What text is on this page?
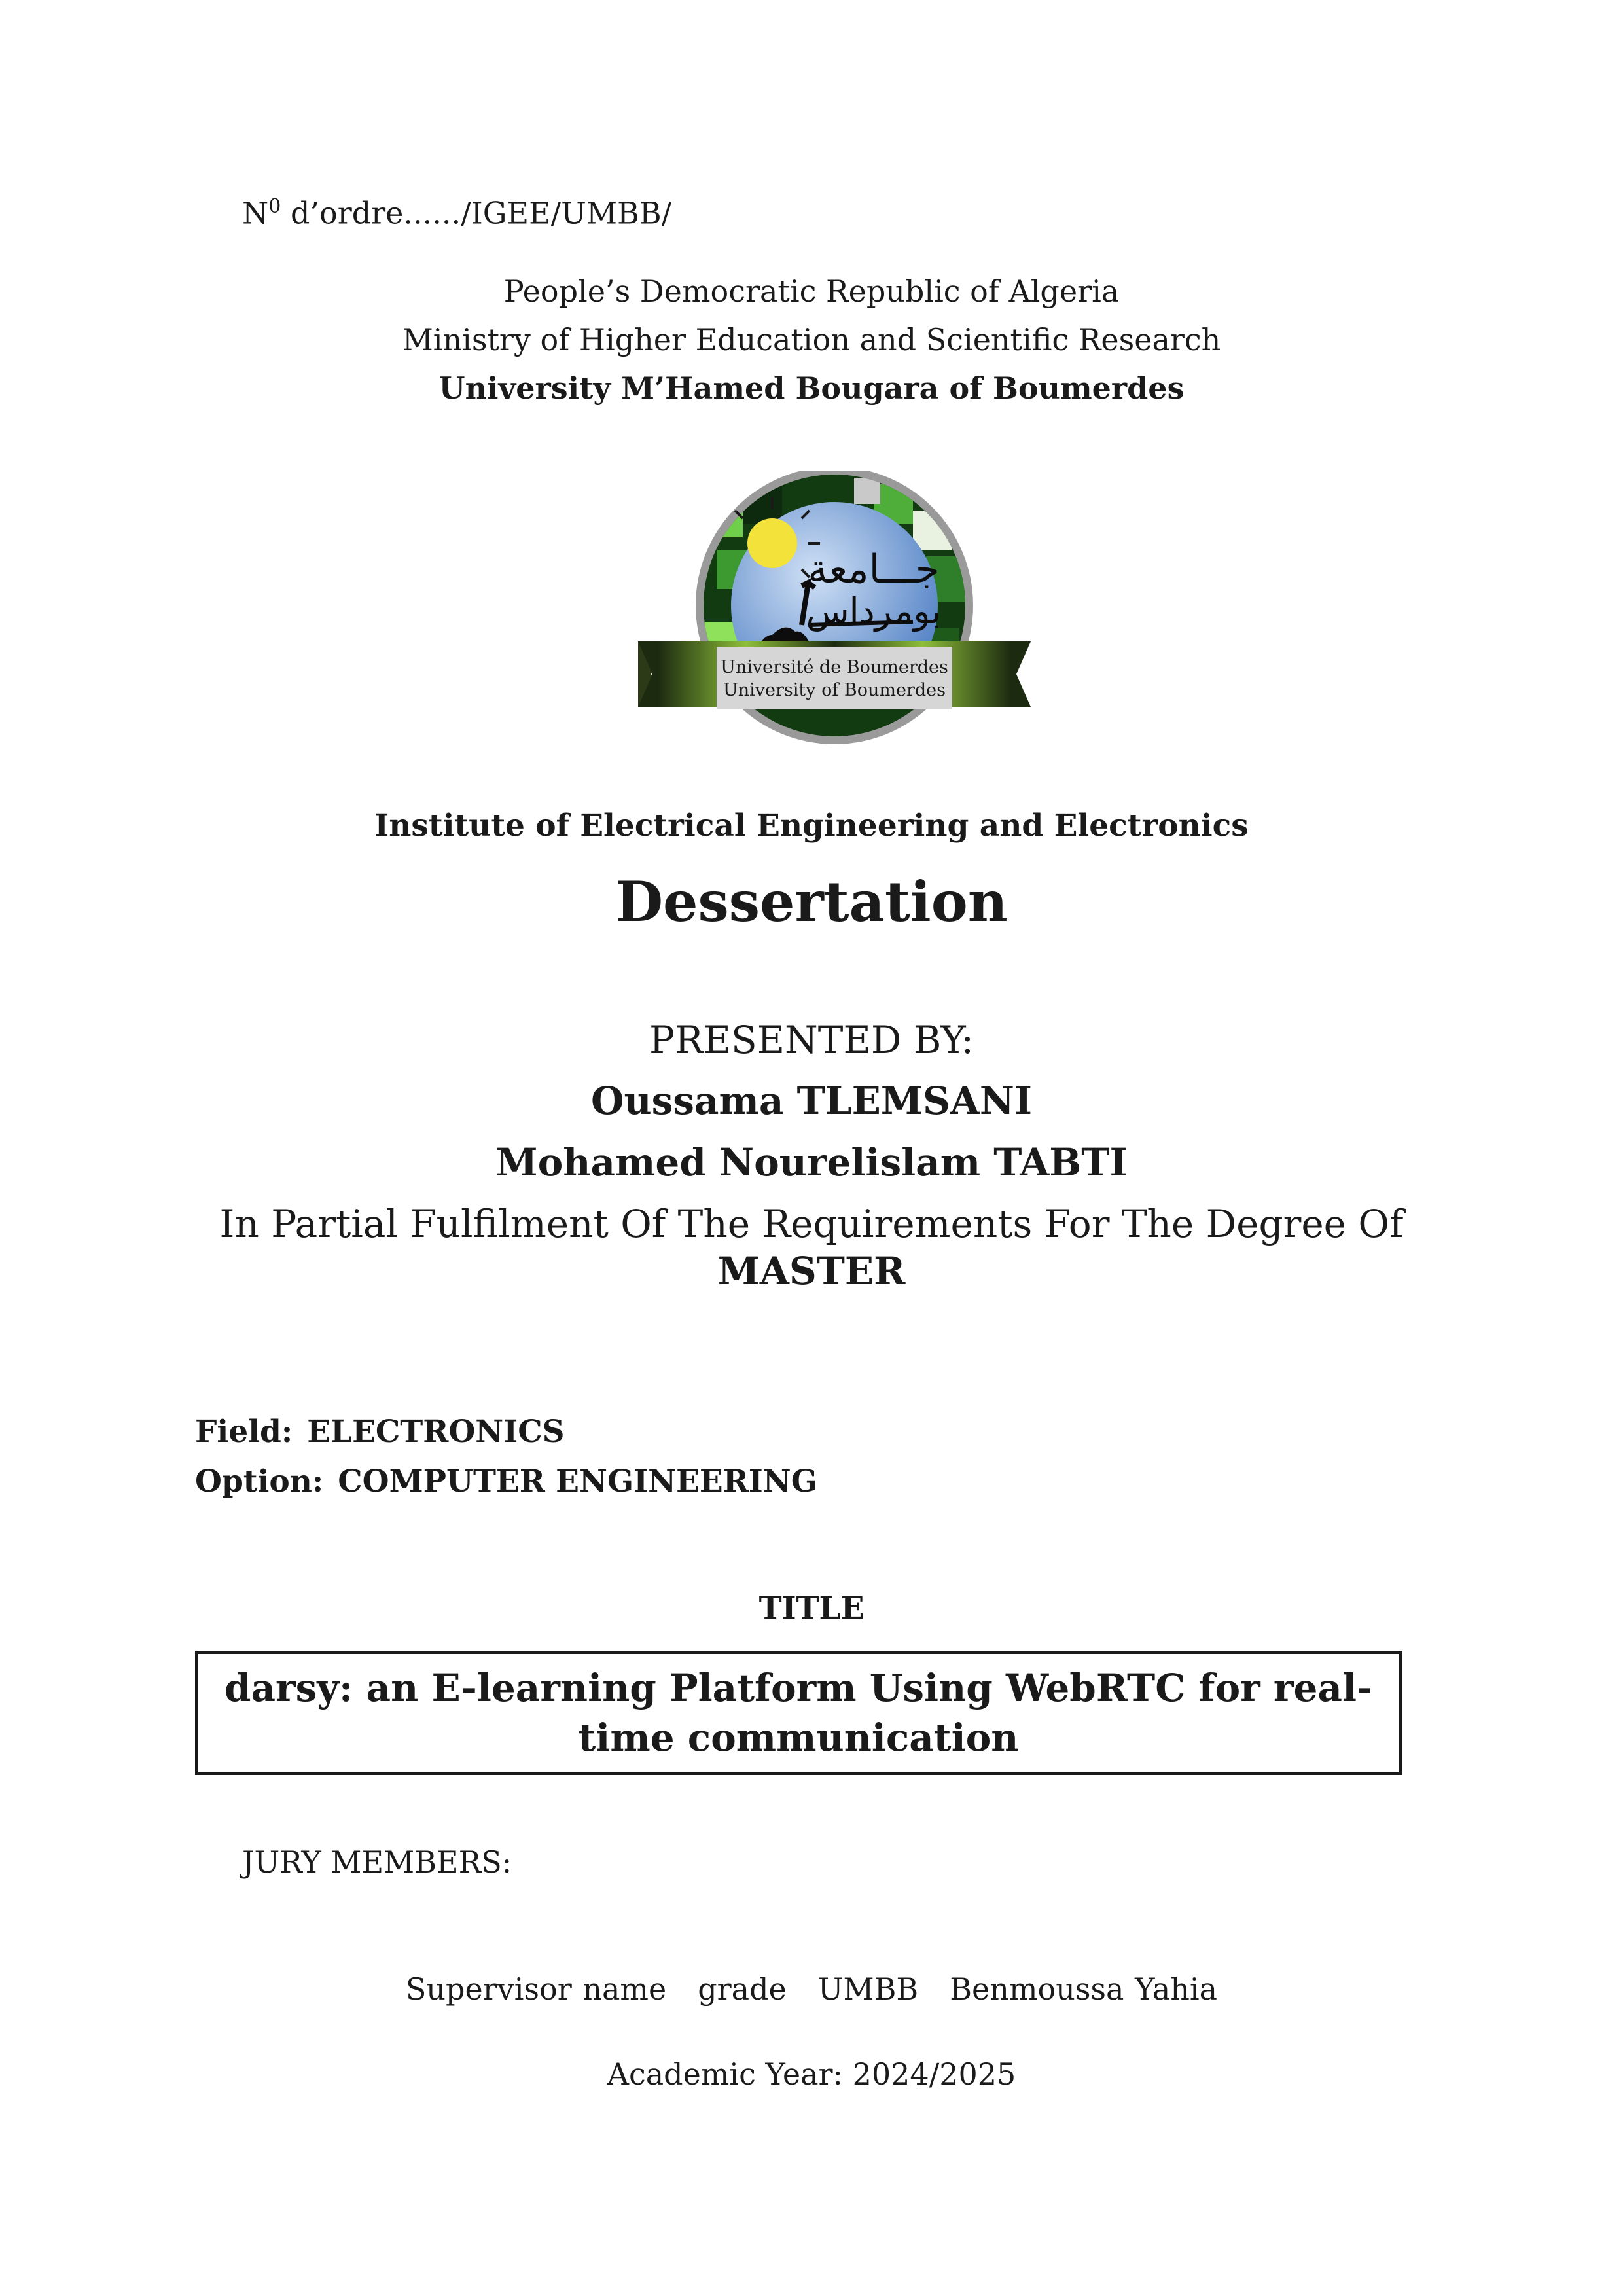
$N^0$ d’ordre....../IGEE/UMBB/
People’s Democratic Republic of Algeria
Ministry of Higher Education and Scientific Research
University M’Hamed Bougara of Boumerdes
جـــامعة
بومرداس
Université de Boumerdes
University of Boumerdes
Institute of Electrical Engineering and Electronics
Dessertation
PRESENTED BY:
Oussama TLEMSANI
Mohamed Nourelislam TABTI
In Partial Fulfilment Of The Requirements For The Degree Of
MASTER
Field: ELECTRONICS
Option: COMPUTER ENGINEERING
TITLE
darsy: an E-learning Platform Using WebRTC for real-time communication
JURY MEMBERS:
Supervisor name grade UMBB Benmoussa Yahia
Academic Year: 2024/2025
